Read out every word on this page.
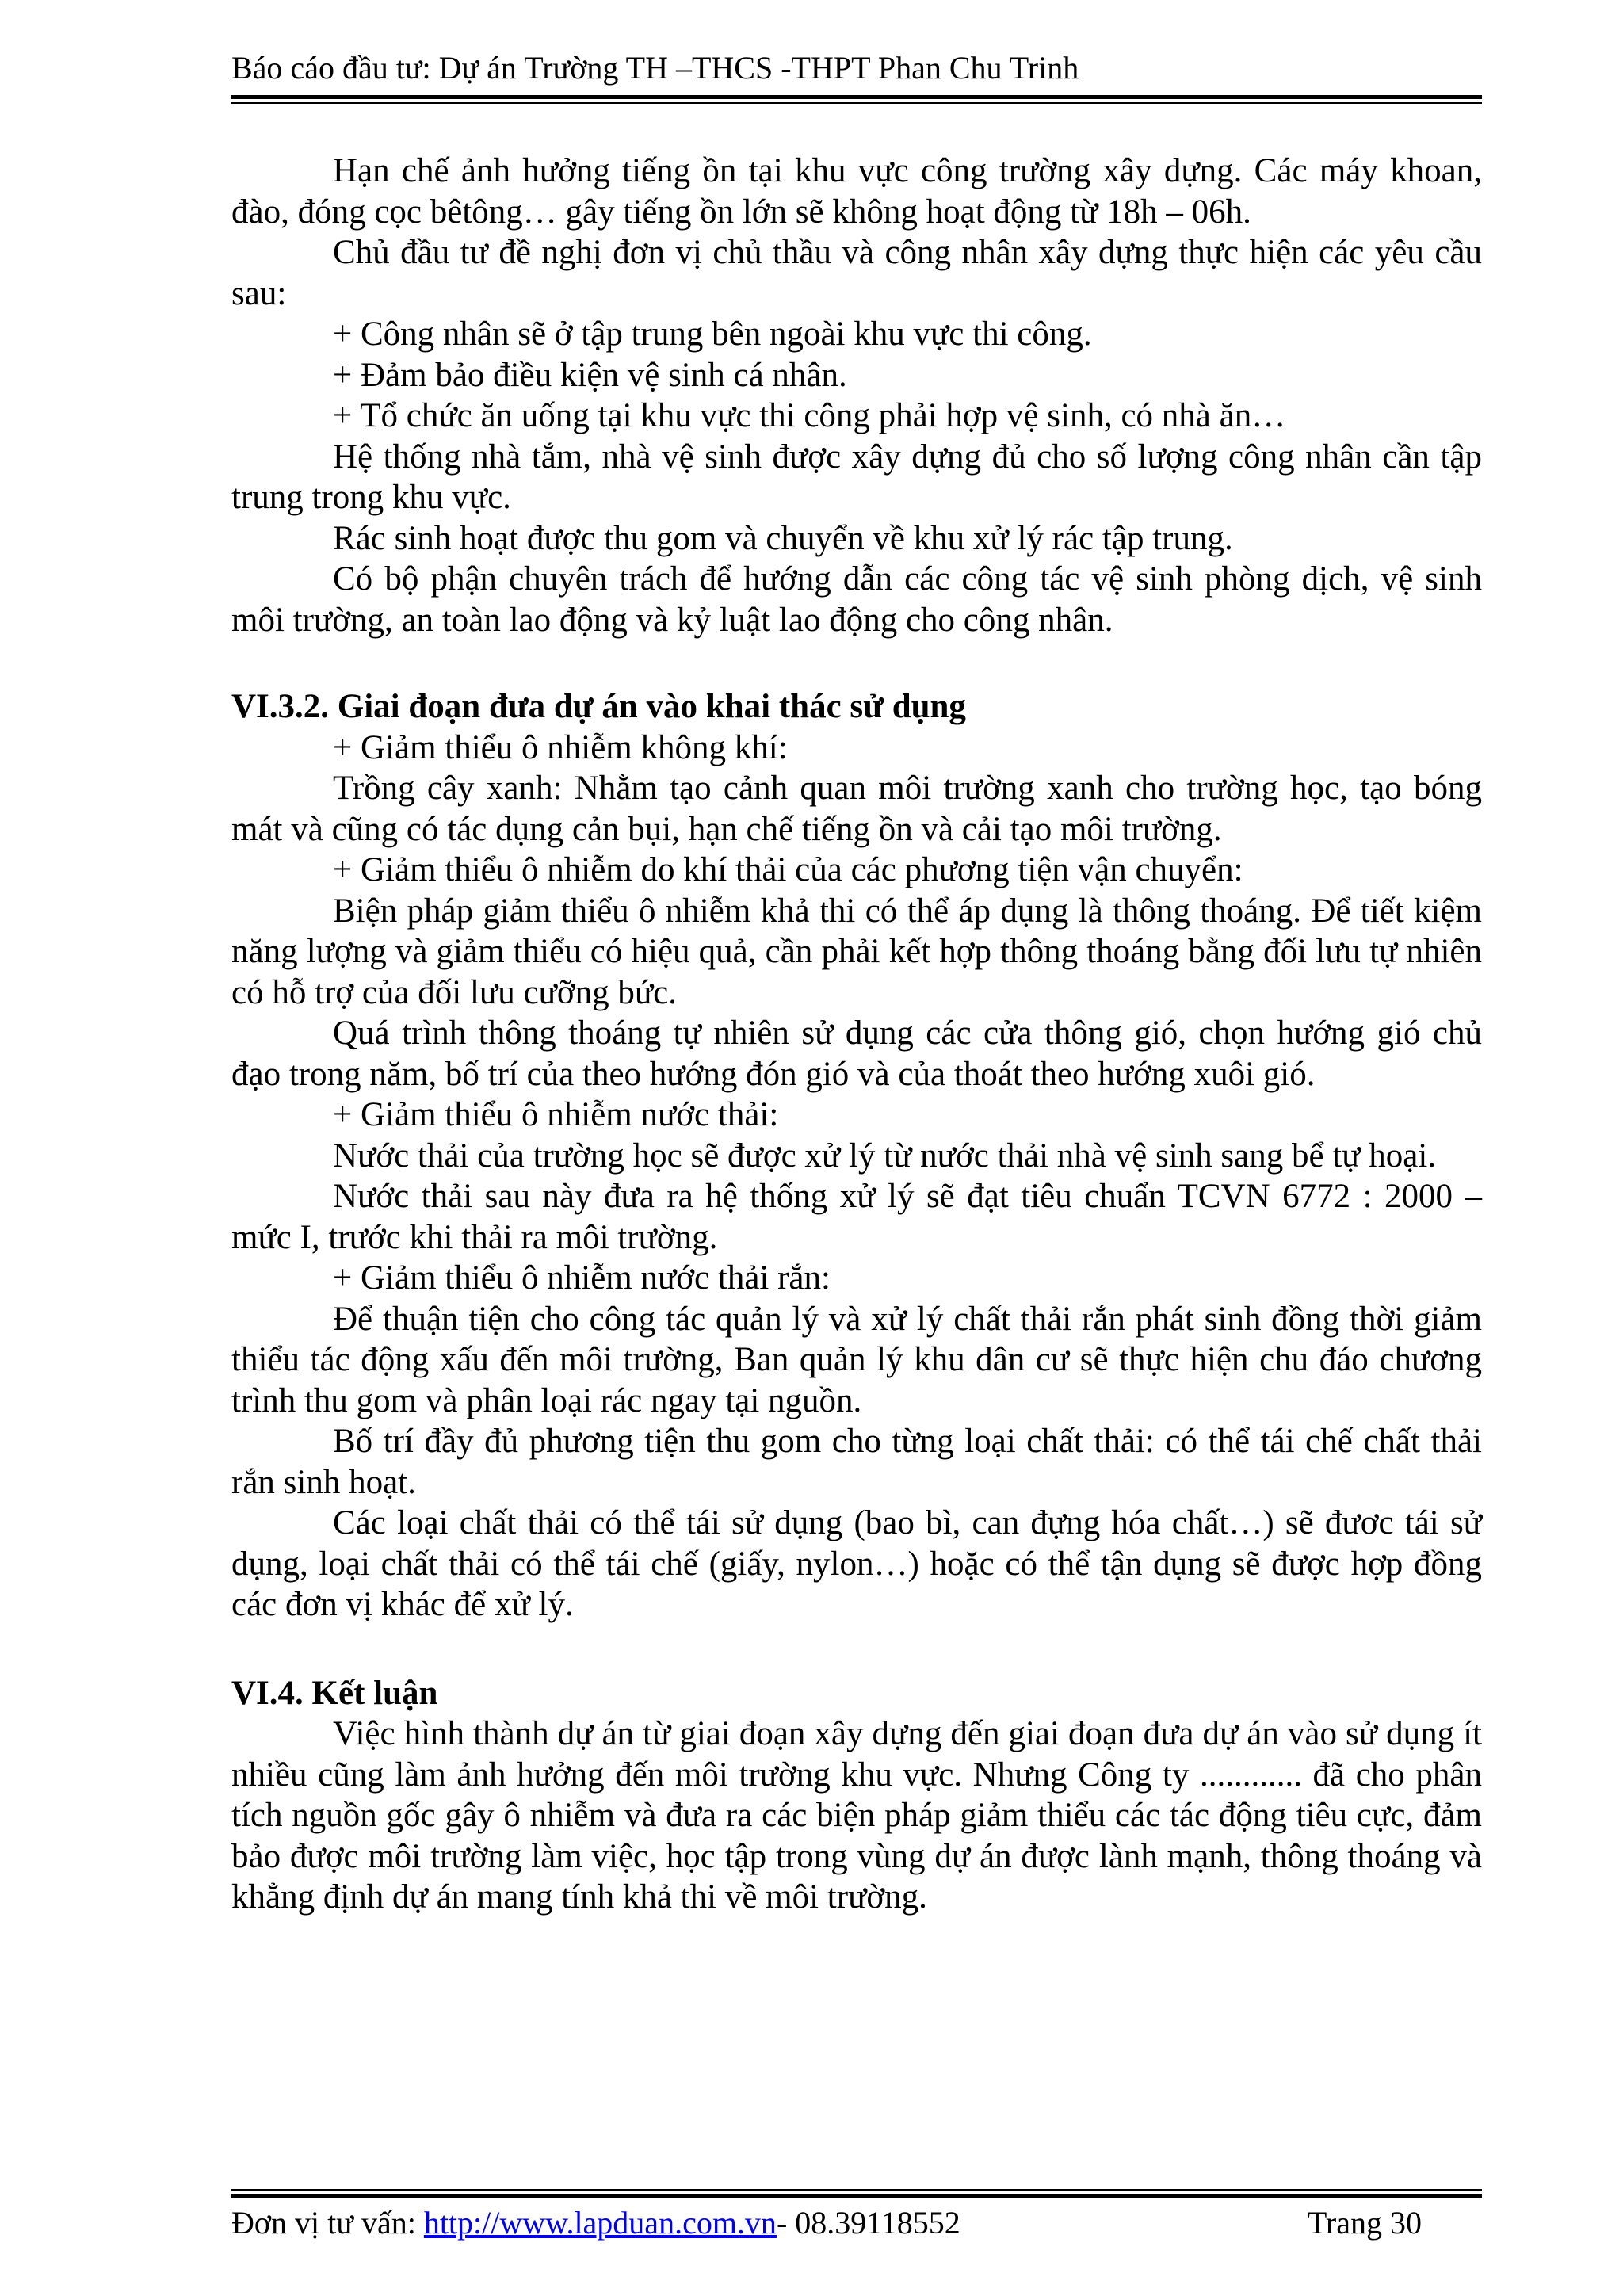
Báo cáo đầu tư: Dự án Trường TH –THCS -THPT Phan Chu Trinh

Hạn chế ảnh hưởng tiếng ồn tại khu vực công trường xây dựng. Các máy khoan, đào, đóng cọc bêtông… gây tiếng ồn lớn sẽ không hoạt động từ 18h – 06h.

Chủ đầu tư đề nghị đơn vị chủ thầu và công nhân xây dựng thực hiện các yêu cầu sau:

+ Công nhân sẽ ở tập trung bên ngoài khu vực thi công.

+ Đảm bảo điều kiện vệ sinh cá nhân.

+ Tổ chức ăn uống tại khu vực thi công phải hợp vệ sinh, có nhà ăn…

Hệ thống nhà tắm, nhà vệ sinh được xây dựng đủ cho số lượng công nhân cần tập trung trong khu vực.

Rác sinh hoạt được thu gom và chuyển về khu xử lý rác tập trung.

Có bộ phận chuyên trách để hướng dẫn các công tác vệ sinh phòng dịch, vệ sinh môi trường, an toàn lao động và kỷ luật lao động cho công nhân.

VI.3.2. Giai đoạn đưa dự án vào khai thác sử dụng

+ Giảm thiểu ô nhiễm không khí:

Trồng cây xanh: Nhằm tạo cảnh quan môi trường xanh cho trường học, tạo bóng mát và cũng có tác dụng cản bụi, hạn chế tiếng ồn và cải tạo môi trường.

+ Giảm thiểu ô nhiễm do khí thải của các phương tiện vận chuyển:

Biện pháp giảm thiểu ô nhiễm khả thi có thể áp dụng là thông thoáng. Để tiết kiệm năng lượng và giảm thiểu có hiệu quả, cần phải kết hợp thông thoáng bằng đối lưu tự nhiên có hỗ trợ của đối lưu cưỡng bức.

Quá trình thông thoáng tự nhiên sử dụng các cửa thông gió, chọn hướng gió chủ đạo trong năm, bố trí của theo hướng đón gió và của thoát theo hướng xuôi gió.

+ Giảm thiểu ô nhiễm nước thải:

Nước thải của trường học sẽ được xử lý từ nước thải nhà vệ sinh sang bể tự hoại.

Nước thải sau này đưa ra hệ thống xử lý sẽ đạt tiêu chuẩn TCVN 6772 : 2000 – mức I, trước khi thải ra môi trường.

+ Giảm thiểu ô nhiễm nước thải rắn:

Để thuận tiện cho công tác quản lý và xử lý chất thải rắn phát sinh đồng thời giảm thiểu tác động xấu đến môi trường, Ban quản lý khu dân cư sẽ thực hiện chu đáo chương trình thu gom và phân loại rác ngay tại nguồn.

Bố trí đầy đủ phương tiện thu gom cho từng loại chất thải: có thể tái chế chất thải rắn sinh hoạt.

Các loại chất thải có thể tái sử dụng (bao bì, can đựng hóa chất…) sẽ đươc tái sử dụng, loại chất thải có thể tái chế (giấy, nylon…) hoặc có thể tận dụng sẽ được hợp đồng các đơn vị khác để xử lý.

VI.4. Kết luận

Việc hình thành dự án từ giai đoạn xây dựng đến giai đoạn đưa dự án vào sử dụng ít nhiều cũng làm ảnh hưởng đến môi trường khu vực. Nhưng Công ty ............ đã cho phân tích nguồn gốc gây ô nhiễm và đưa ra các biện pháp giảm thiểu các tác động tiêu cực, đảm bảo được môi trường làm việc, học tập trong vùng dự án được lành mạnh, thông thoáng và khẳng định dự án mang tính khả thi về môi trường.

Đơn vị tư vấn: http://www.lapduan.com.vn- 08.39118552	Trang 30
